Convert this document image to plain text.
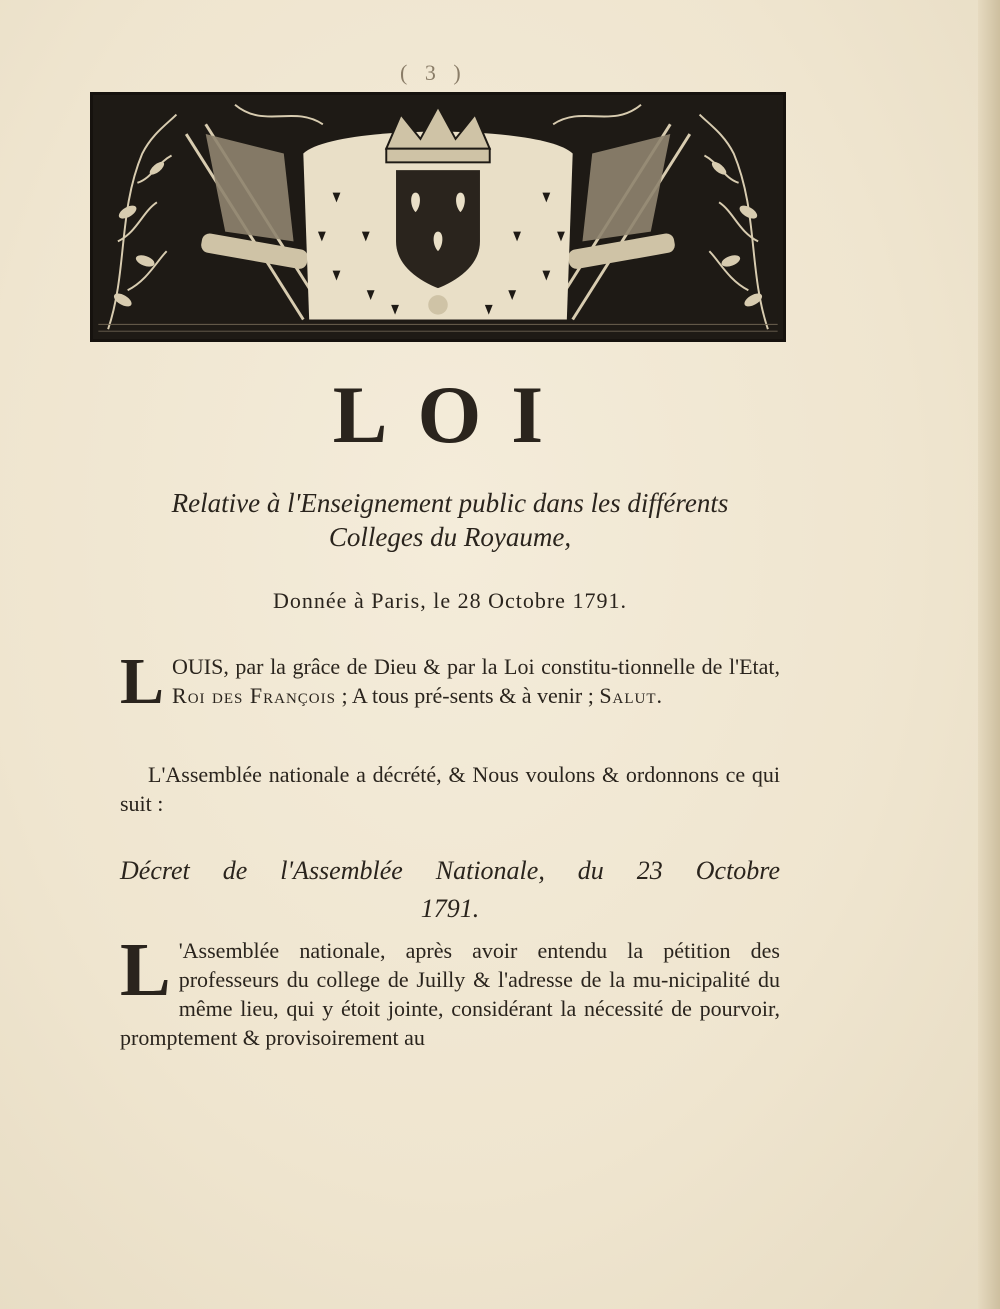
( 3 )
LOI
Relative à l'Enseignement public dans les différents
Colleges du Royaume,
Donnée à Paris, le 28 Octobre 1791.
LOUIS, par la grâce de Dieu & par la Loi constitu-tionnelle de l'Etat, Roi des François ; A tous pré-sents & à venir ; Salut.
L'Assemblée nationale a décrété, & Nous voulons & ordonnons ce qui suit :
Décret de l'Assemblée Nationale, du 23 Octobre
1791.
L 'Assemblée nationale, après avoir entendu la pétition des professeurs du college de Juilly & l'adresse de la mu-nicipalité du même lieu, qui y étoit jointe, considérant la nécessité de pourvoir, promptement & provisoirement au
